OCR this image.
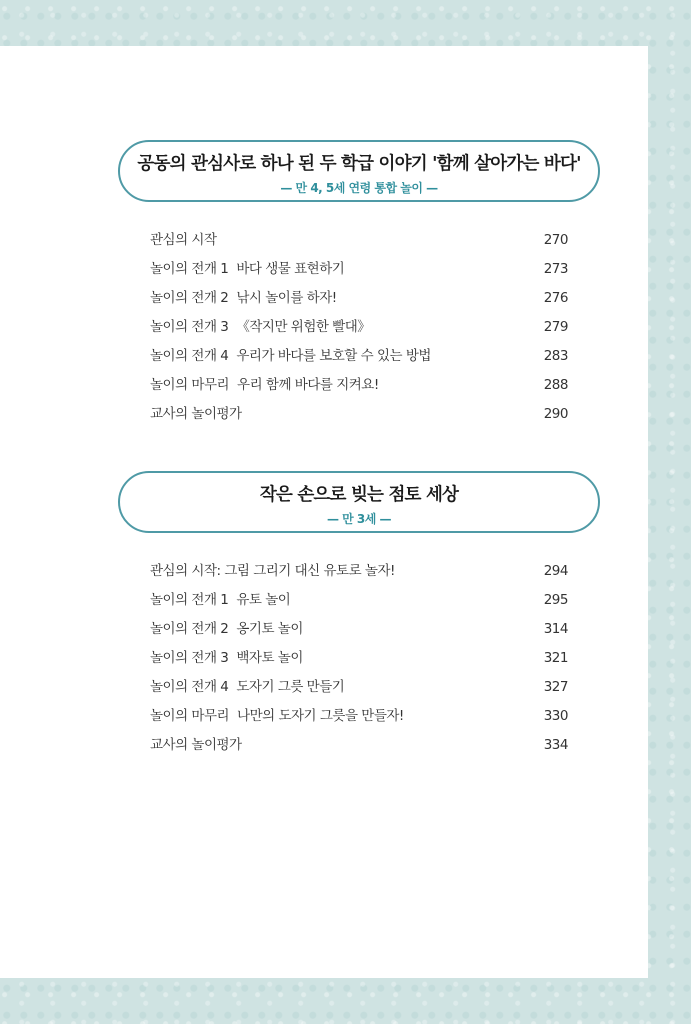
공동의 관심사로 하나 된 두 학급 이야기 '함께 살아가는 바다'
— 만 4, 5세 연령 통합 놀이 —
관심의 시작	270
놀이의 전개 1 바다 생물 표현하기	273
놀이의 전개 2 낚시 놀이를 하자!	276
놀이의 전개 3 《작지만 위험한 빨대》	279
놀이의 전개 4 우리가 바다를 보호할 수 있는 방법	283
놀이의 마무리 우리 함께 바다를 지켜요!	288
교사의 놀이평가	290
작은 손으로 빚는 점토 세상
— 만 3세 —
관심의 시작: 그림 그리기 대신 유토로 놀자!	294
놀이의 전개 1 유토 놀이	295
놀이의 전개 2 옹기토 놀이	314
놀이의 전개 3 백자토 놀이	321
놀이의 전개 4 도자기 그릇 만들기	327
놀이의 마무리 나만의 도자기 그릇을 만들자!	330
교사의 놀이평가	334
